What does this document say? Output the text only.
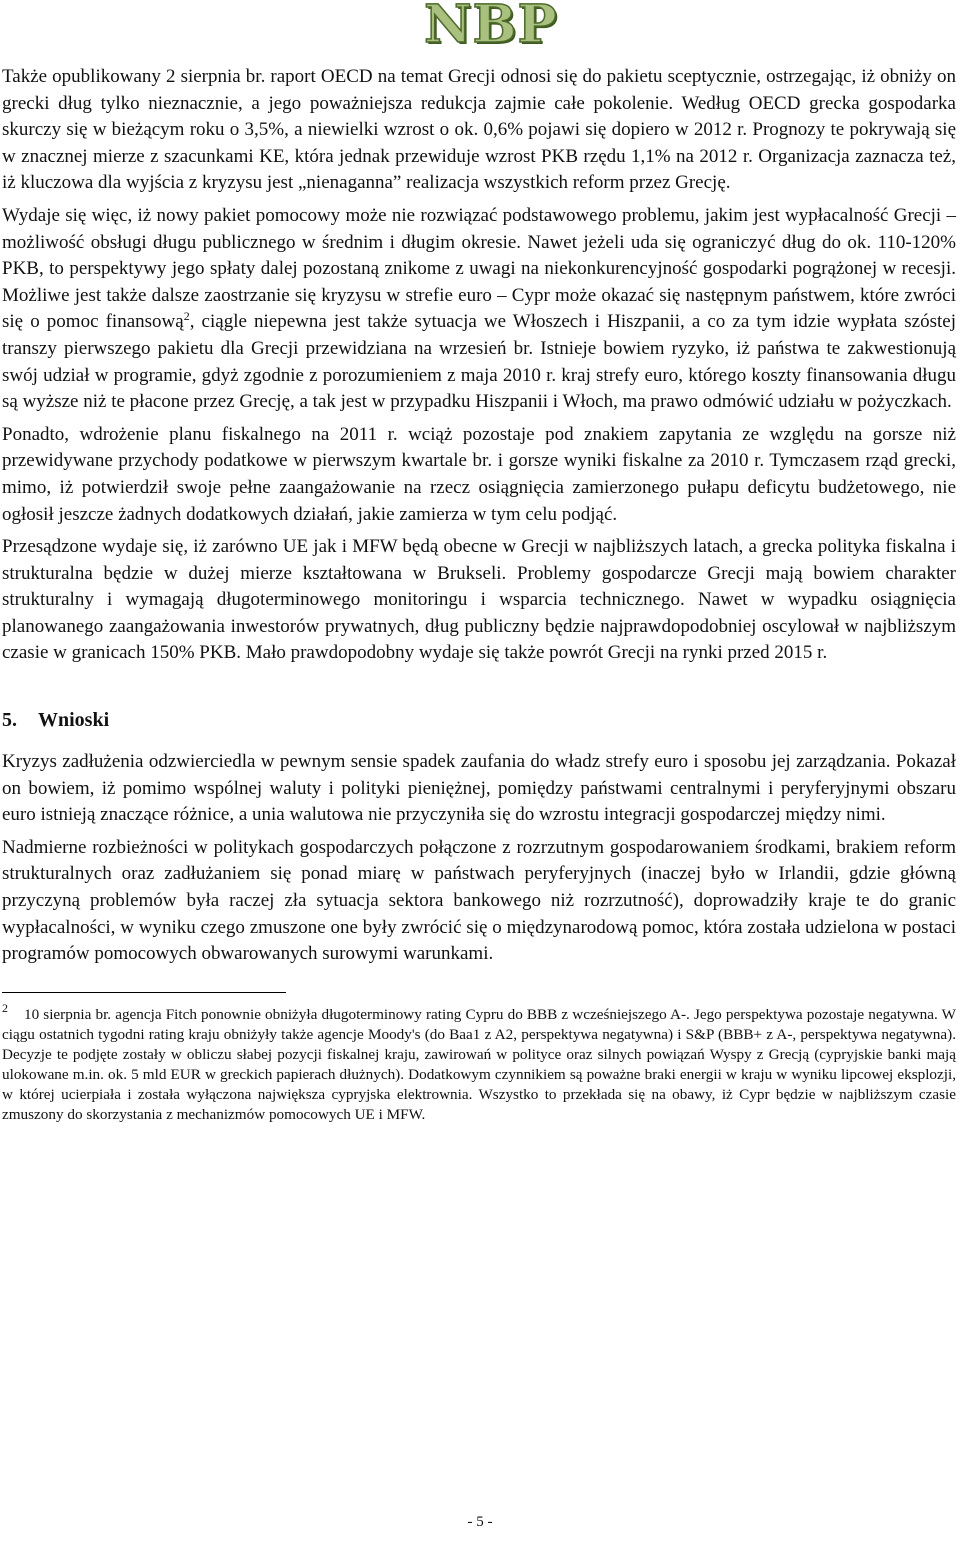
NBP

Także opublikowany 2 sierpnia br. raport OECD na temat Grecji odnosi się do pakietu sceptycznie, ostrzegając, iż obniży on grecki dług tylko nieznacznie, a jego poważniejsza redukcja zajmie całe pokolenie. Według OECD grecka gospodarka skurczy się w bieżącym roku o 3,5%, a niewielki wzrost o ok. 0,6% pojawi się dopiero w 2012 r. Prognozy te pokrywają się w znacznej mierze z szacunkami KE, która jednak przewiduje wzrost PKB rzędu 1,1% na 2012 r. Organizacja zaznacza też, iż kluczowa dla wyjścia z kryzysu jest „nienaganna” realizacja wszystkich reform przez Grecję.

Wydaje się więc, iż nowy pakiet pomocowy może nie rozwiązać podstawowego problemu, jakim jest wypłacalność Grecji – możliwość obsługi długu publicznego w średnim i długim okresie. Nawet jeżeli uda się ograniczyć dług do ok. 110-120% PKB, to perspektywy jego spłaty dalej pozostaną znikome z uwagi na niekonkurencyjność gospodarki pogrążonej w recesji. Możliwe jest także dalsze zaostrzanie się kryzysu w strefie euro – Cypr może okazać się następnym państwem, które zwróci się o pomoc finansową$^2$, ciągle niepewna jest także sytuacja we Włoszech i Hiszpanii, a co za tym idzie wypłata szóstej transzy pierwszego pakietu dla Grecji przewidziana na wrzesień br. Istnieje bowiem ryzyko, iż państwa te zakwestionują swój udział w programie, gdyż zgodnie z porozumieniem z maja 2010 r. kraj strefy euro, którego koszty finansowania długu są wyższe niż te płacone przez Grecję, a tak jest w przypadku Hiszpanii i Włoch, ma prawo odmówić udziału w pożyczkach.

Ponadto, wdrożenie planu fiskalnego na 2011 r. wciąż pozostaje pod znakiem zapytania ze względu na gorsze niż przewidywane przychody podatkowe w pierwszym kwartale br. i gorsze wyniki fiskalne za 2010 r. Tymczasem rząd grecki, mimo, iż potwierdził swoje pełne zaangażowanie na rzecz osiągnięcia zamierzonego pułapu deficytu budżetowego, nie ogłosił jeszcze żadnych dodatkowych działań, jakie zamierza w tym celu podjąć.

Przesądzone wydaje się, iż zarówno UE jak i MFW będą obecne w Grecji w najbliższych latach, a grecka polityka fiskalna i strukturalna będzie w dużej mierze kształtowana w Brukseli. Problemy gospodarcze Grecji mają bowiem charakter strukturalny i wymagają długoterminowego monitoringu i wsparcia technicznego. Nawet w wypadku osiągnięcia planowanego zaangażowania inwestorów prywatnych, dług publiczny będzie najprawdopodobniej oscylował w najbliższym czasie w granicach 150% PKB. Mało prawdopodobny wydaje się także powrót Grecji na rynki przed 2015 r.

5. Wnioski

Kryzys zadłużenia odzwierciedla w pewnym sensie spadek zaufania do władz strefy euro i sposobu jej zarządzania. Pokazał on bowiem, iż pomimo wspólnej waluty i polityki pieniężnej, pomiędzy państwami centralnymi i peryferyjnymi obszaru euro istnieją znaczące różnice, a unia walutowa nie przyczyniła się do wzrostu integracji gospodarczej między nimi.

Nadmierne rozbieżności w politykach gospodarczych połączone z rozrzutnym gospodarowaniem środkami, brakiem reform strukturalnych oraz zadłużaniem się ponad miarę w państwach peryferyjnych (inaczej było w Irlandii, gdzie główną przyczyną problemów była raczej zła sytuacja sektora bankowego niż rozrzutność), doprowadziły kraje te do granic wypłacalności, w wyniku czego zmuszone one były zwrócić się o międzynarodową pomoc, która została udzielona w postaci programów pomocowych obwarowanych surowymi warunkami.

$^2$ 10 sierpnia br. agencja Fitch ponownie obniżyła długoterminowy rating Cypru do BBB z wcześniejszego A-. Jego perspektywa pozostaje negatywna. W ciągu ostatnich tygodni rating kraju obniżyły także agencje Moody's (do Baa1 z A2, perspektywa negatywna) i S&P (BBB+ z A-, perspektywa negatywna). Decyzje te podjęte zostały w obliczu słabej pozycji fiskalnej kraju, zawirowań w polityce oraz silnych powiązań Wyspy z Grecją (cypryjskie banki mają ulokowane m.in. ok. 5 mld EUR w greckich papierach dłużnych). Dodatkowym czynnikiem są poważne braki energii w kraju w wyniku lipcowej eksplozji, w której ucierpiała i została wyłączona największa cypryjska elektrownia. Wszystko to przekłada się na obawy, iż Cypr będzie w najbliższym czasie zmuszony do skorzystania z mechanizmów pomocowych UE i MFW.

- 5 -
